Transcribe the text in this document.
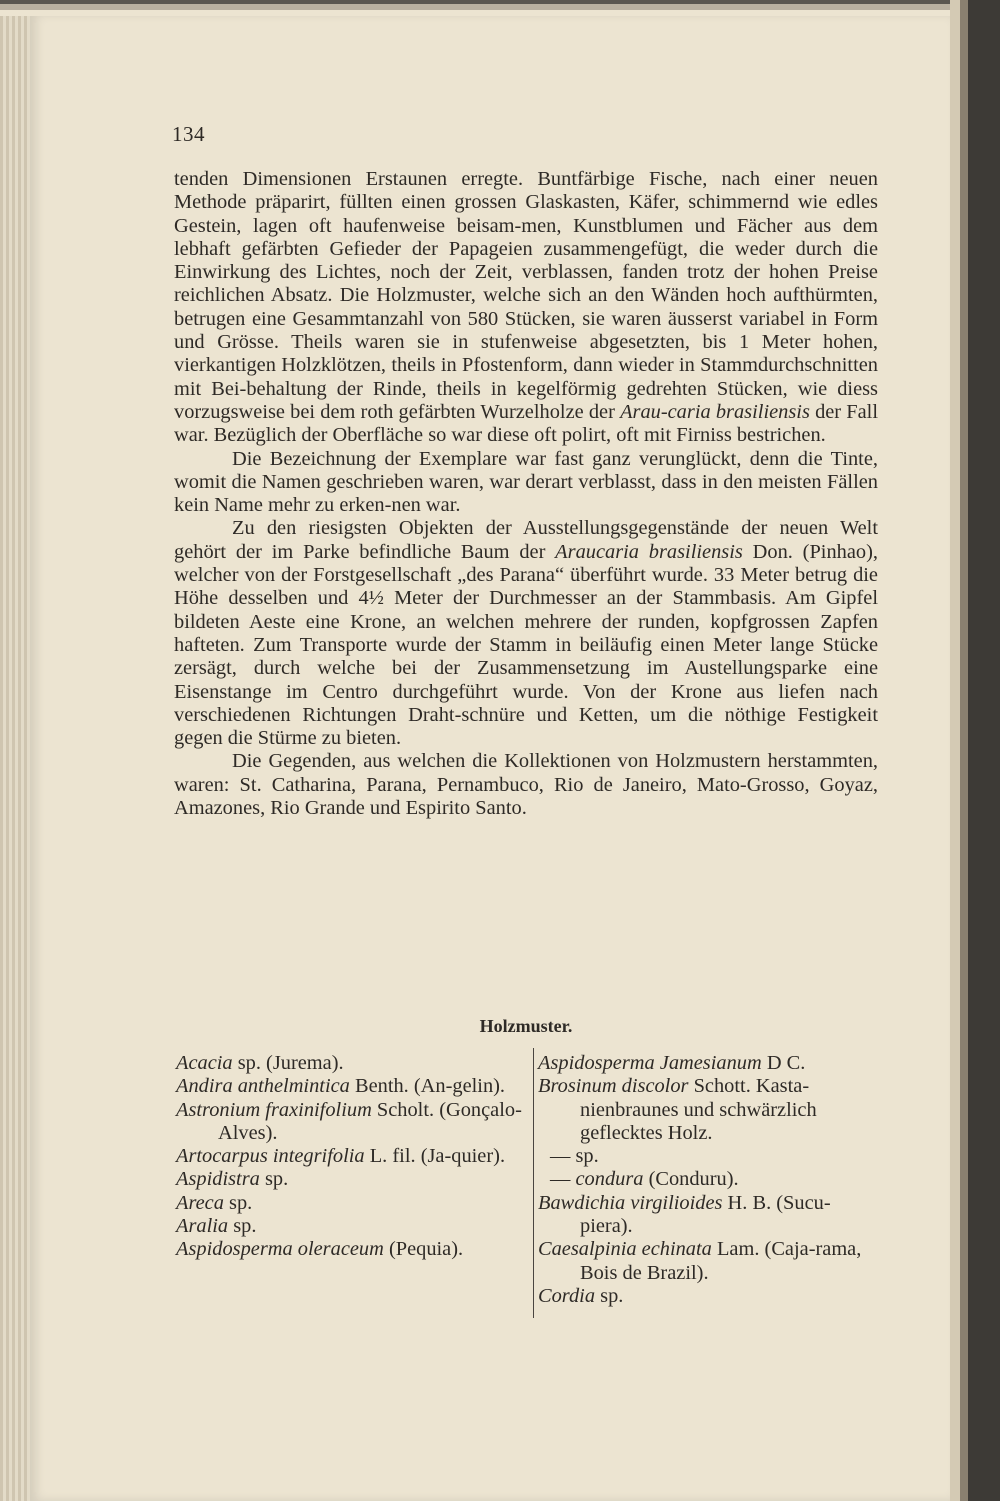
134

tenden Dimensionen Erstaunen erregte. Buntfärbige Fische, nach einer neuen Methode präparirt, füllten einen grossen Glaskasten, Käfer, schimmernd wie edles Gestein, lagen oft haufenweise beisam-men, Kunstblumen und Fächer aus dem lebhaft gefärbten Gefieder der Papageien zusammengefügt, die weder durch die Einwirkung des Lichtes, noch der Zeit, verblassen, fanden trotz der hohen Preise reichlichen Absatz. Die Holzmuster, welche sich an den Wänden hoch aufthürmten, betrugen eine Gesammtanzahl von 580 Stücken, sie waren äusserst variabel in Form und Grösse. Theils waren sie in stufenweise abgesetzten, bis 1 Meter hohen, vierkantigen Holzklötzen, theils in Pfostenform, dann wieder in Stammdurchschnitten mit Bei-behaltung der Rinde, theils in kegelförmig gedrehten Stücken, wie diess vorzugsweise bei dem roth gefärbten Wurzelholze der Arau-caria brasiliensis der Fall war. Bezüglich der Oberfläche so war diese oft polirt, oft mit Firniss bestrichen.

Die Bezeichnung der Exemplare war fast ganz verunglückt, denn die Tinte, womit die Namen geschrieben waren, war derart verblasst, dass in den meisten Fällen kein Name mehr zu erken-nen war.

Zu den riesigsten Objekten der Ausstellungsgegenstände der neuen Welt gehört der im Parke befindliche Baum der Araucaria brasiliensis Don. (Pinhao), welcher von der Forstgesellschaft „des Parana“ überführt wurde. 33 Meter betrug die Höhe desselben und 4½ Meter der Durchmesser an der Stammbasis. Am Gipfel bildeten Aeste eine Krone, an welchen mehrere der runden, kopfgrossen Zapfen hafteten. Zum Transporte wurde der Stamm in beiläufig einen Meter lange Stücke zersägt, durch welche bei der Zusammensetzung im Austellungsparke eine Eisenstange im Centro durchgeführt wurde. Von der Krone aus liefen nach verschiedenen Richtungen Draht-schnüre und Ketten, um die nöthige Festigkeit gegen die Stürme zu bieten.

Die Gegenden, aus welchen die Kollektionen von Holzmustern herstammten, waren: St. Catharina, Parana, Pernambuco, Rio de Janeiro, Mato-Grosso, Goyaz, Amazones, Rio Grande und Espirito Santo.

Holzmuster.
Acacia sp. (Jurema).
Andira anthelmintica Benth. (An-gelin).
Astronium fraxinifolium Scholt. (Gonçalo-Alves).
Artocarpus integrifolia L. fil. (Ja-quier).
Aspidistra sp.
Areca sp.
Aralia sp.
Aspidosperma oleraceum (Pequia).
Aspidosperma Jamesianum D C.
Brosinum discolor Schott. Kasta-nienbraunes und schwärzlich geflecktes Holz.
— sp.
— condura (Conduru).
Bawdichia virgilioides H. B. (Sucu-piera).
Caesalpinia echinata Lam. (Caja-rama, Bois de Brazil).
Cordia sp.
